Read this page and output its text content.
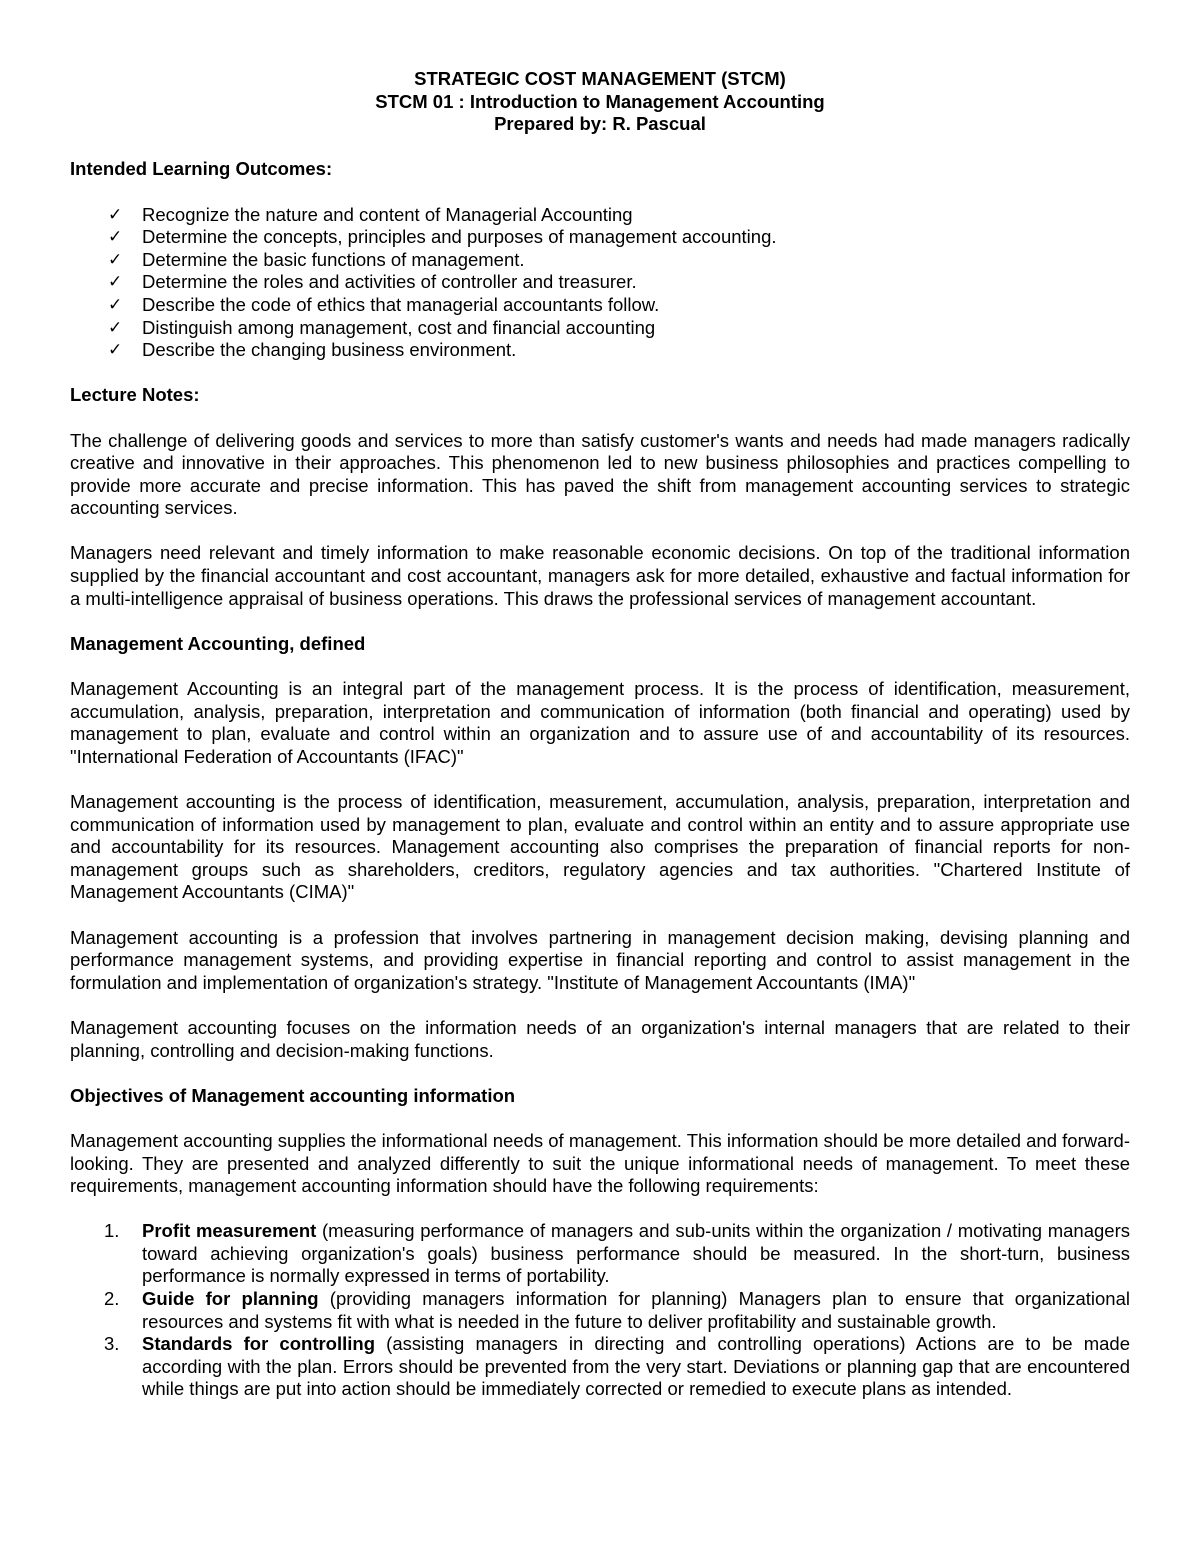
STRATEGIC COST MANAGEMENT (STCM)
STCM 01 : Introduction to Management Accounting
Prepared by: R. Pascual
Intended Learning Outcomes:
✓ Recognize the nature and content of Managerial Accounting
✓ Determine the concepts, principles and purposes of management accounting.
✓ Determine the basic functions of management.
✓ Determine the roles and activities of controller and treasurer.
✓ Describe the code of ethics that managerial accountants follow.
✓ Distinguish among management, cost and financial accounting
✓ Describe the changing business environment.
Lecture Notes:

The challenge of delivering goods and services to more than satisfy customer's wants and needs had made managers radically creative and innovative in their approaches. This phenomenon led to new business philosophies and practices compelling to provide more accurate and precise information. This has paved the shift from management accounting services to strategic accounting services.

Managers need relevant and timely information to make reasonable economic decisions. On top of the traditional information supplied by the financial accountant and cost accountant, managers ask for more detailed, exhaustive and factual information for a multi-intelligence appraisal of business operations. This draws the professional services of management accountant.

Management Accounting, defined

Management Accounting is an integral part of the management process. It is the process of identification, measurement, accumulation, analysis, preparation, interpretation and communication of information (both financial and operating) used by management to plan, evaluate and control within an organization and to assure use of and accountability of its resources. "International Federation of Accountants (IFAC)"

Management accounting is the process of identification, measurement, accumulation, analysis, preparation, interpretation and communication of information used by management to plan, evaluate and control within an entity and to assure appropriate use and accountability for its resources. Management accounting also comprises the preparation of financial reports for non-management groups such as shareholders, creditors, regulatory agencies and tax authorities. "Chartered Institute of Management Accountants (CIMA)"

Management accounting is a profession that involves partnering in management decision making, devising planning and performance management systems, and providing expertise in financial reporting and control to assist management in the formulation and implementation of organization's strategy. "Institute of Management Accountants (IMA)"

Management accounting focuses on the information needs of an organization's internal managers that are related to their planning, controlling and decision-making functions.

Objectives of Management accounting information

Management accounting supplies the informational needs of management. This information should be more detailed and forward-looking. They are presented and analyzed differently to suit the unique informational needs of management. To meet these requirements, management accounting information should have the following requirements:

1. Profit measurement (measuring performance of managers and sub-units within the organization / motivating managers toward achieving organization's goals) business performance should be measured. In the short-turn, business performance is normally expressed in terms of portability.
2. Guide for planning (providing managers information for planning) Managers plan to ensure that organizational resources and systems fit with what is needed in the future to deliver profitability and sustainable growth.
3. Standards for controlling (assisting managers in directing and controlling operations) Actions are to be made according with the plan. Errors should be prevented from the very start. Deviations or planning gap that are encountered while things are put into action should be immediately corrected or remedied to execute plans as intended.
